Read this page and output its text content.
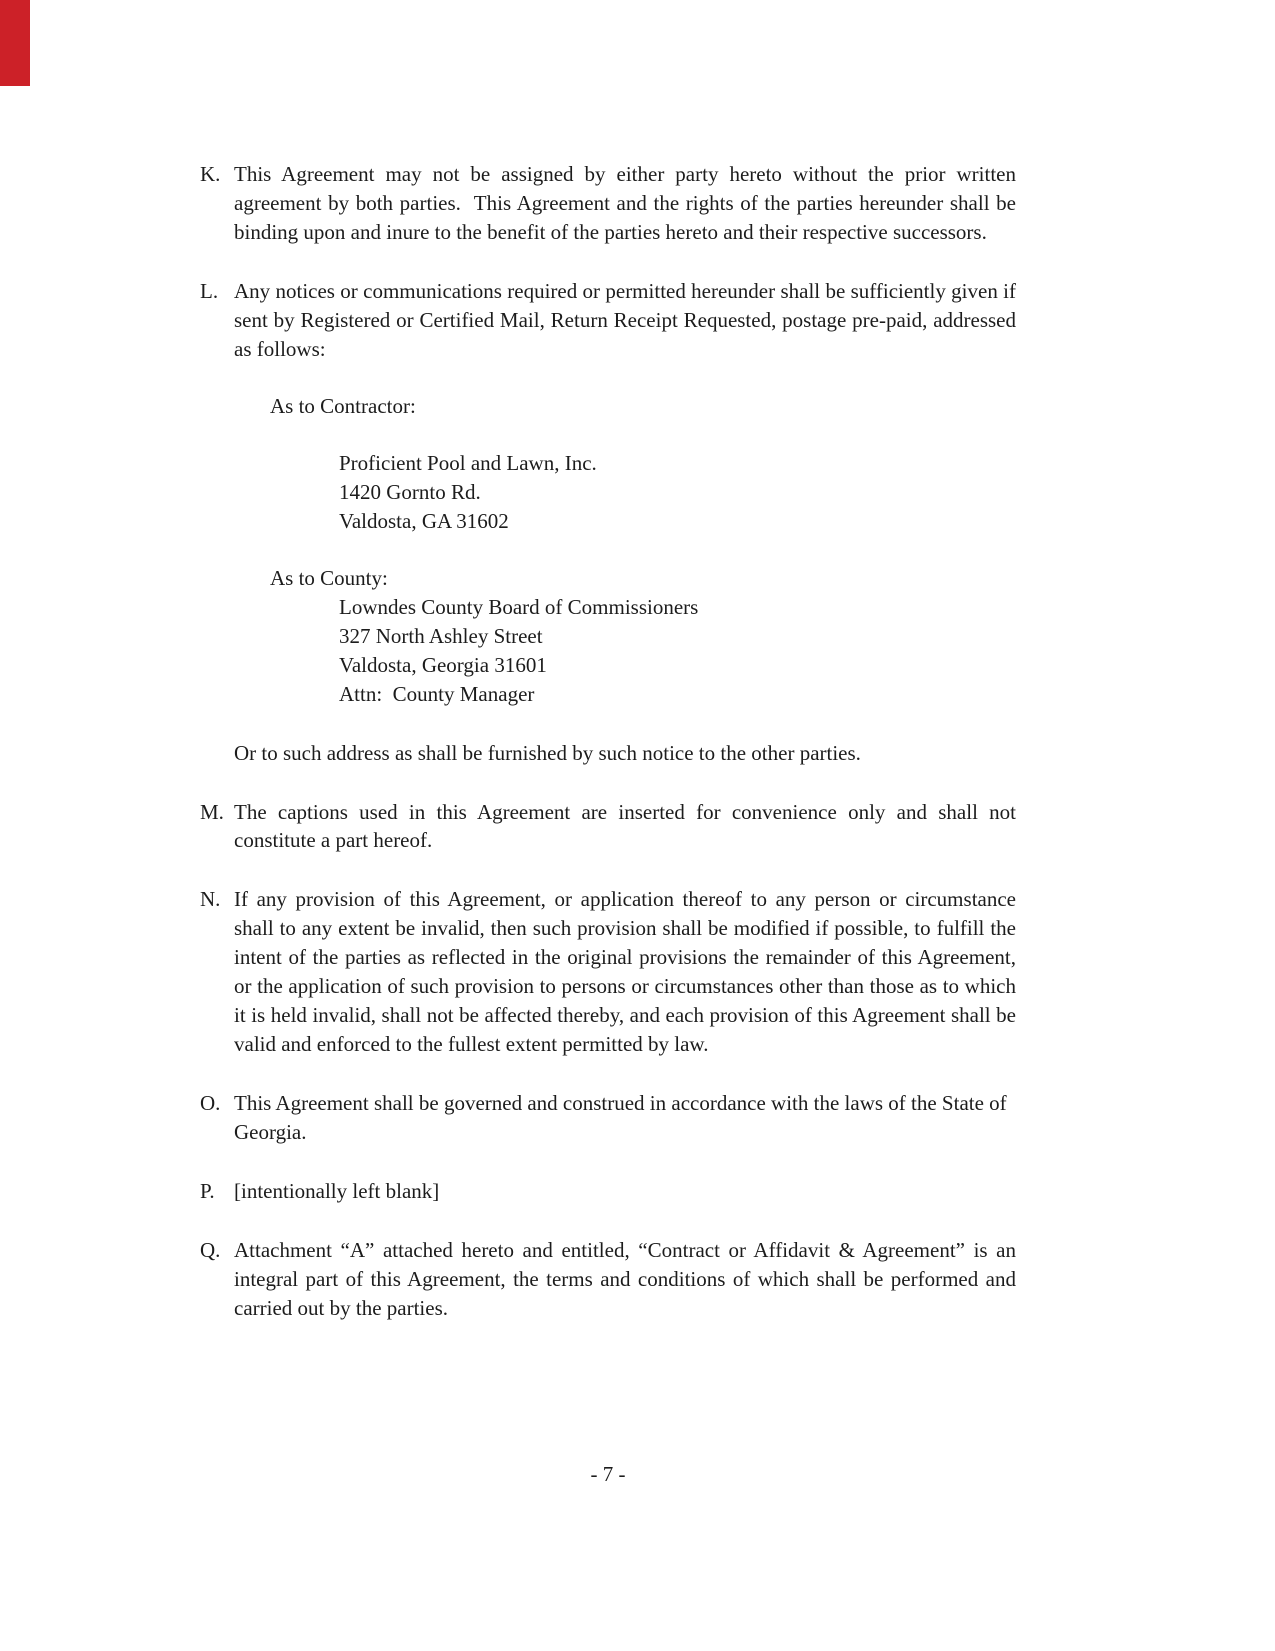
K. This Agreement may not be assigned by either party hereto without the prior written agreement by both parties.  This Agreement and the rights of the parties hereunder shall be binding upon and inure to the benefit of the parties hereto and their respective successors.

L. Any notices or communications required or permitted hereunder shall be sufficiently given if sent by Registered or Certified Mail, Return Receipt Requested, postage pre-paid, addressed as follows:

As to Contractor:
Proficient Pool and Lawn, Inc.
1420 Gornto Rd.
Valdosta, GA 31602
As to County:
Lowndes County Board of Commissioners
327 North Ashley Street
Valdosta, Georgia 31601
Attn:  County Manager
Or to such address as shall be furnished by such notice to the other parties.
M. The captions used in this Agreement are inserted for convenience only and shall not constitute a part hereof.

N. If any provision of this Agreement, or application thereof to any person or circumstance shall to any extent be invalid, then such provision shall be modified if possible, to fulfill the intent of the parties as reflected in the original provisions the remainder of this Agreement, or the application of such provision to persons or circumstances other than those as to which it is held invalid, shall not be affected thereby, and each provision of this Agreement shall be valid and enforced to the fullest extent permitted by law.

O. This Agreement shall be governed and construed in accordance with the laws of the State of Georgia.

P. [intentionally left blank]

Q. Attachment “A” attached hereto and entitled, “Contract or Affidavit & Agreement” is an integral part of this Agreement, the terms and conditions of which shall be performed and carried out by the parties.

- 7 -
